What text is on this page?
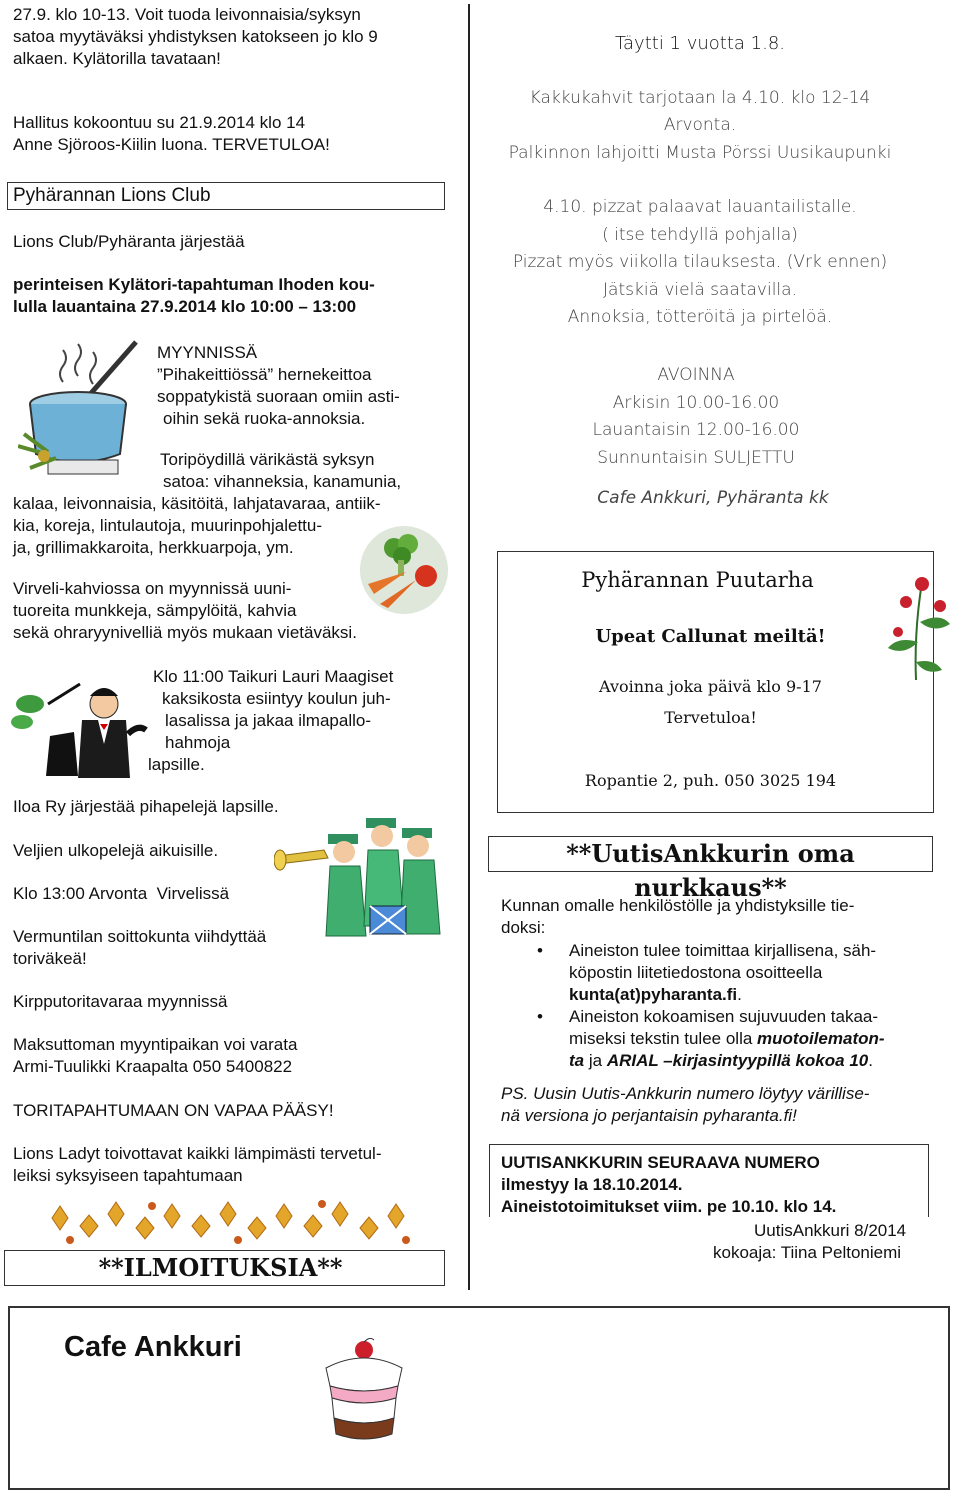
27.9. klo 10-13. Voit tuoda leivonnaisia/syksyn
satoa myytäväksi yhdistyksen katokseen jo klo 9
alkaen. Kylätorilla tavataan!
Hallitus kokoontuu su 21.9.2014 klo 14
Anne Sjöroos-Kiilin luona. TERVETULOA!
Pyhärannan Lions Club
Lions Club/Pyhäranta järjestää
perinteisen Kylätori-tapahtuman Ihoden kou-
lulla lauantaina 27.9.2014 klo 10:00 – 13:00
MYYNNISSÄ
”Pihakeittiössä” hernekeittoa
soppatykistä suoraan omiin asti-
oihin sekä ruoka-annoksia.
Toripöydillä värikästä syksyn
satoa: vihanneksia, kanamunia,
kalaa, leivonnaisia, käsitöitä, lahjatavaraa, antiik-
kia, koreja, lintulautoja, muurinpohjalettu-
ja, grillimakkaroita, herkkuarpoja, ym.
Virveli-kahviossa on myynnissä uuni-
tuoreita munkkeja, sämpylöitä, kahvia
sekä ohraryynivelliä myös mukaan vietäväksi.
Klo 11:00 Taikuri Lauri Maagiset
kaksikosta esiintyy koulun juh-
lasalissa ja jakaa ilmapallo-
hahmoja
lapsille.
Iloa Ry järjestää pihapelejä lapsille.
Veljien ulkopelejä aikuisille.
Klo 13:00 Arvonta  Virvelissä
Vermuntilan soittokunta viihdyttää
toriväkeä!
Kirpputoritavaraa myynnissä
Maksuttoman myyntipaikan voi varata
Armi-Tuulikki Kraapalta 050 5400822
TORITAPAHTUMAAN ON VAPAA PÄÄSY!
Lions Ladyt toivottavat kaikki lämpimästi tervetul-
leiksi syksyiseen tapahtumaan
**ILMOITUKSIA**
Cafe Ankkuri
Täytti 1 vuotta 1.8.
Kakkukahvit tarjotaan la 4.10. klo 12-14
Arvonta.
Palkinnon lahjoitti Musta Pörssi Uusikaupunki
4.10. pizzat palaavat lauantailistalle.
( itse tehdyllä pohjalla)
Pizzat myös viikolla tilauksesta. (Vrk ennen)
Jätskiä vielä saatavilla.
Annoksia, tötteröitä ja pirtelöä.
AVOINNA
Arkisin 10.00-16.00
Lauantaisin 12.00-16.00
Sunnuntaisin SULJETTU
Cafe Ankkuri, Pyhäranta kk
Pyhärannan Puutarha
Upeat Callunat meiltä!
Avoinna joka päivä klo 9-17
Tervetuloa!
Ropantie 2, puh. 050 3025 194
**UutisAnkkurin oma nurkkaus**
Kunnan omalle henkilöstölle ja yhdistyksille tie-
doksi:
• Aineiston tulee toimittaa kirjallisena, säh-
köpostin liitetiedostona osoitteella
kunta(at)pyharanta.fi.
• Aineiston kokoamisen sujuvuuden takaa-
miseksi tekstin tulee olla muotoilematon-
ta ja ARIAL –kirjasintyypillä kokoa 10.
PS. Uusin Uutis-Ankkurin numero löytyy värillise-
nä versiona jo perjantaisin pyharanta.fi!
UUTISANKKURIN SEURAAVA NUMERO
ilmestyy la 18.10.2014.
Aineistotoimitukset viim. pe 10.10. klo 14.
UutisAnkkuri 8/2014
kokoaja: Tiina Peltoniemi
